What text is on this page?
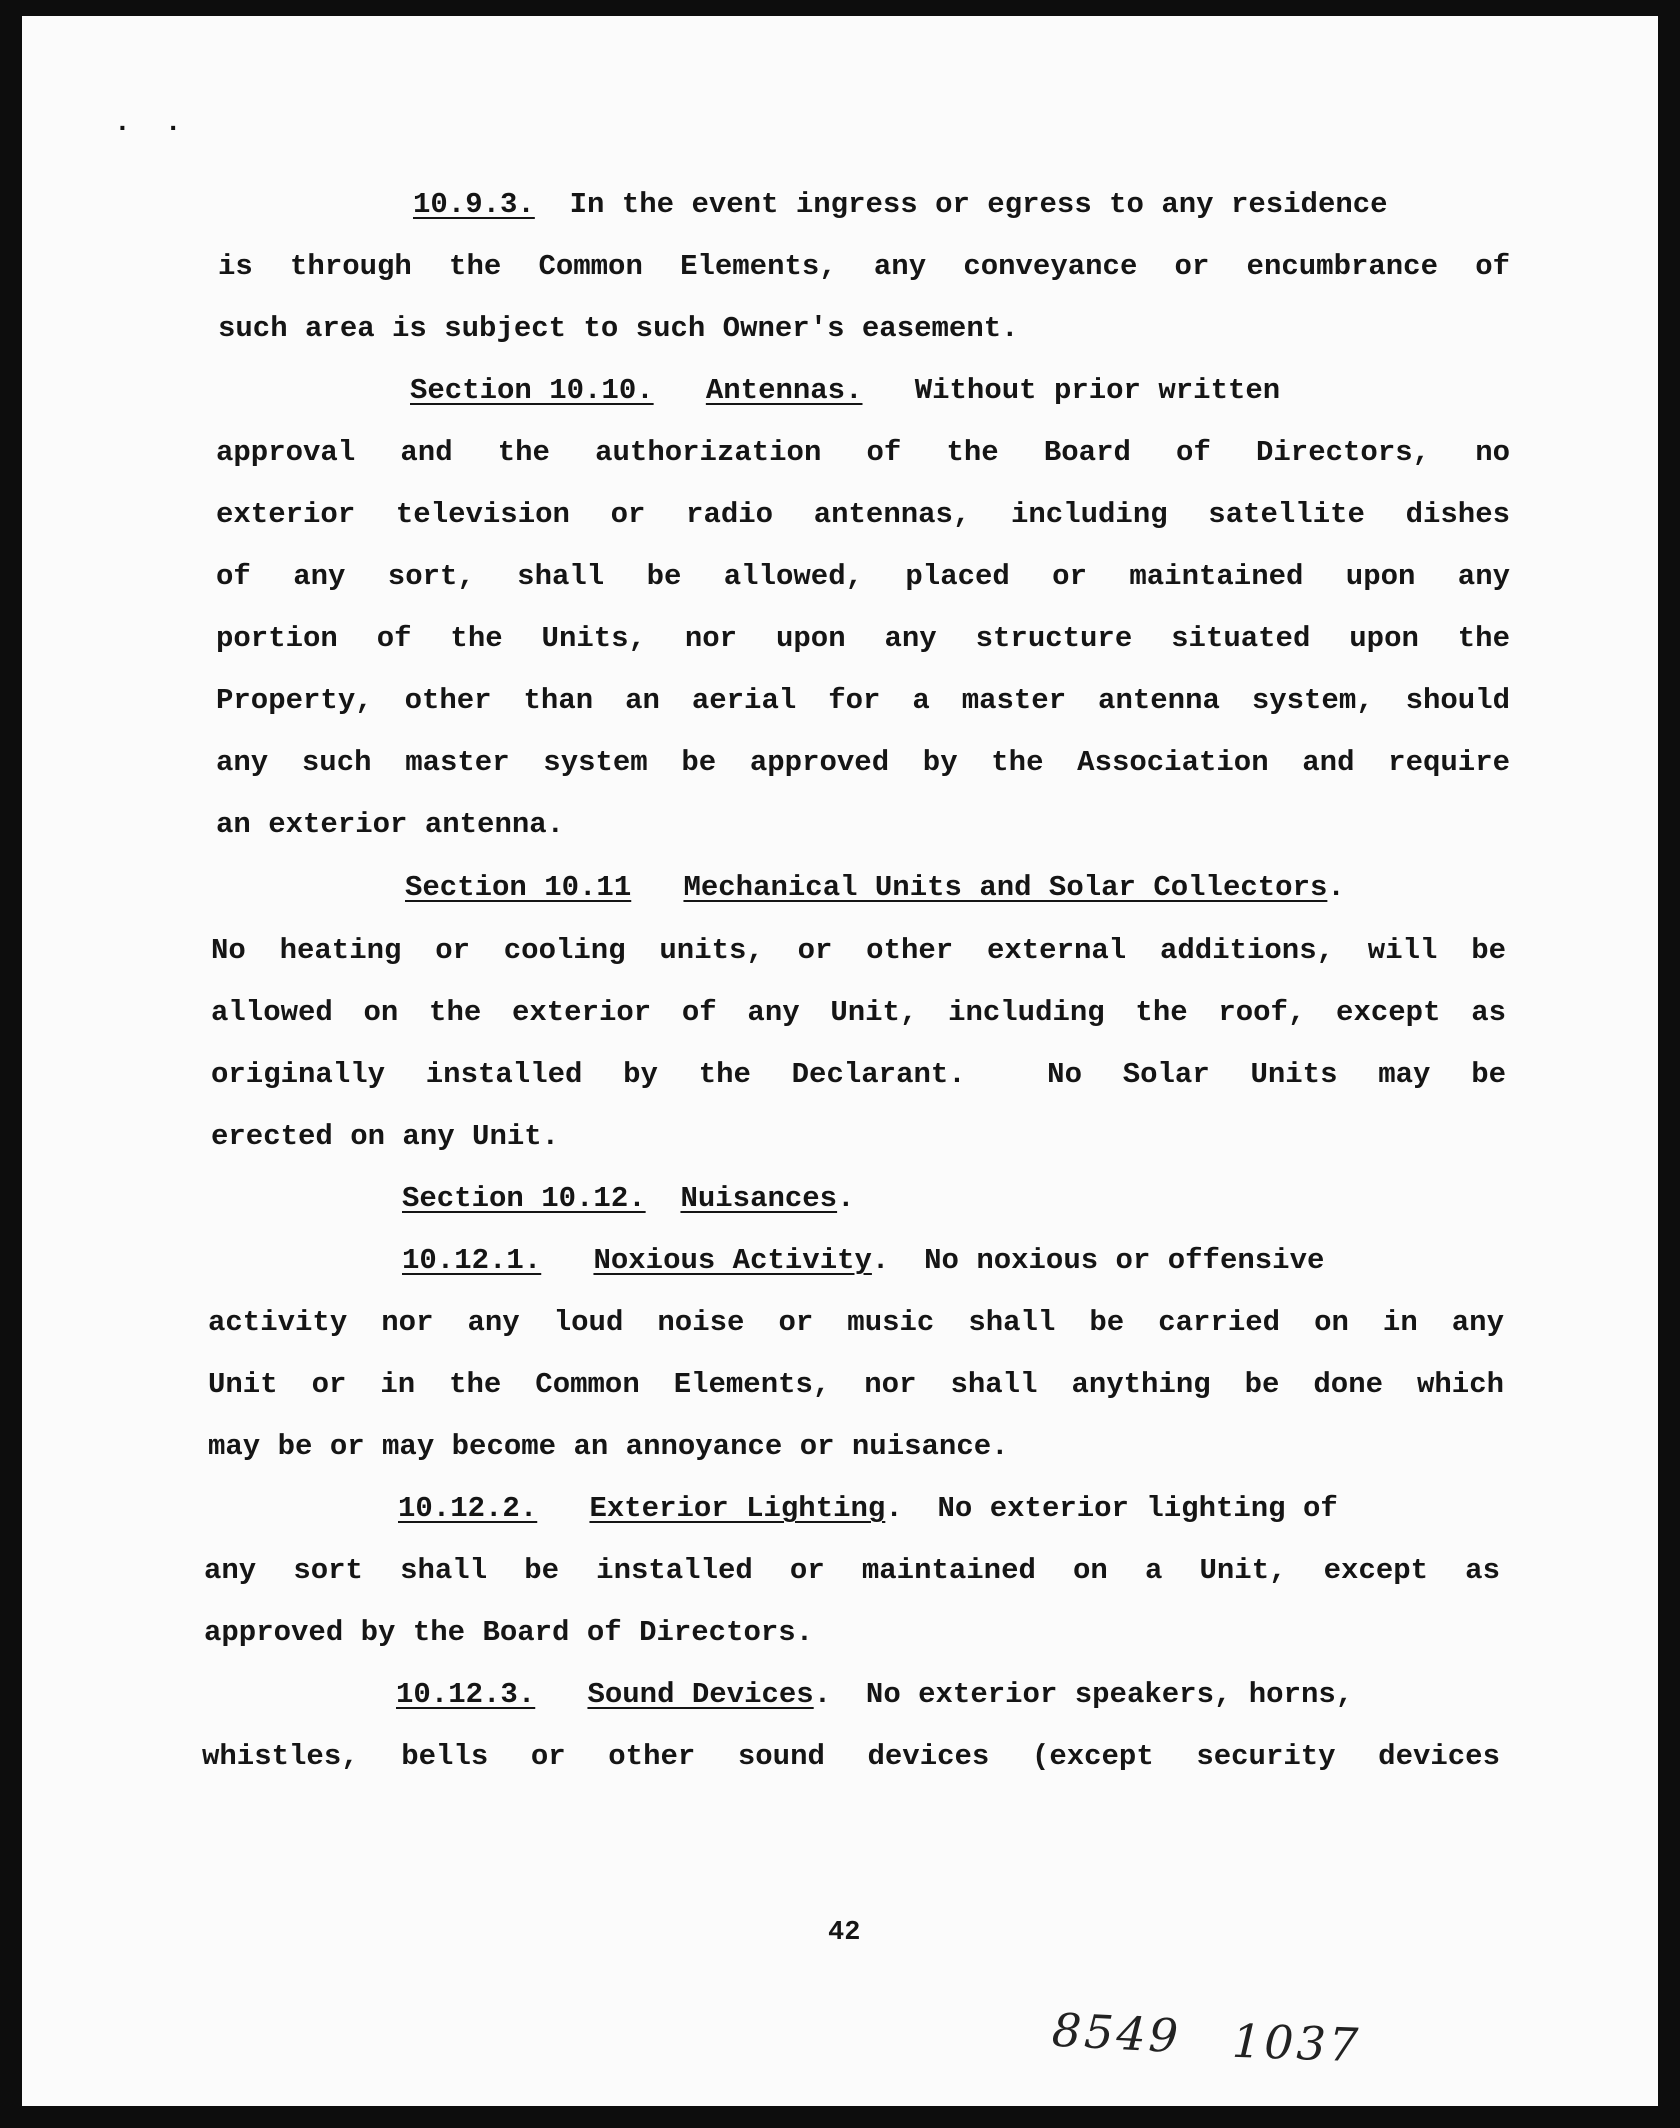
..
10.9.3.  In the event ingress or egress to any residence
is through the Common Elements, any conveyance or encumbrance of
such area is subject to such Owner's easement.
Section 10.10. Antennas. Without prior written
approval and the authorization of the Board of Directors, no
exterior television or radio antennas, including satellite dishes
of any sort, shall be allowed, placed or maintained upon any
portion of the Units, nor upon any structure situated upon the
Property, other than an aerial for a master antenna system, should
any such master system be approved by the Association and require
an exterior antenna.
Section 10.11 Mechanical Units and Solar Collectors.
No heating or cooling units, or other external additions, will be
allowed on the exterior of any Unit, including the roof, except as
originally installed by the Declarant.  No Solar Units may be
erected on any Unit.
Section 10.12. Nuisances.
10.12.1. Noxious Activity.  No noxious or offensive
activity nor any loud noise or music shall be carried on in any
Unit or in the Common Elements, nor shall anything be done which
may be or may become an annoyance or nuisance.
10.12.2. Exterior Lighting.  No exterior lighting of
any sort shall be installed or maintained on a Unit, except as
approved by the Board of Directors.
10.12.3. Sound Devices.  No exterior speakers, horns,
whistles, bells or other sound devices (except security devices
42
8549 1037
